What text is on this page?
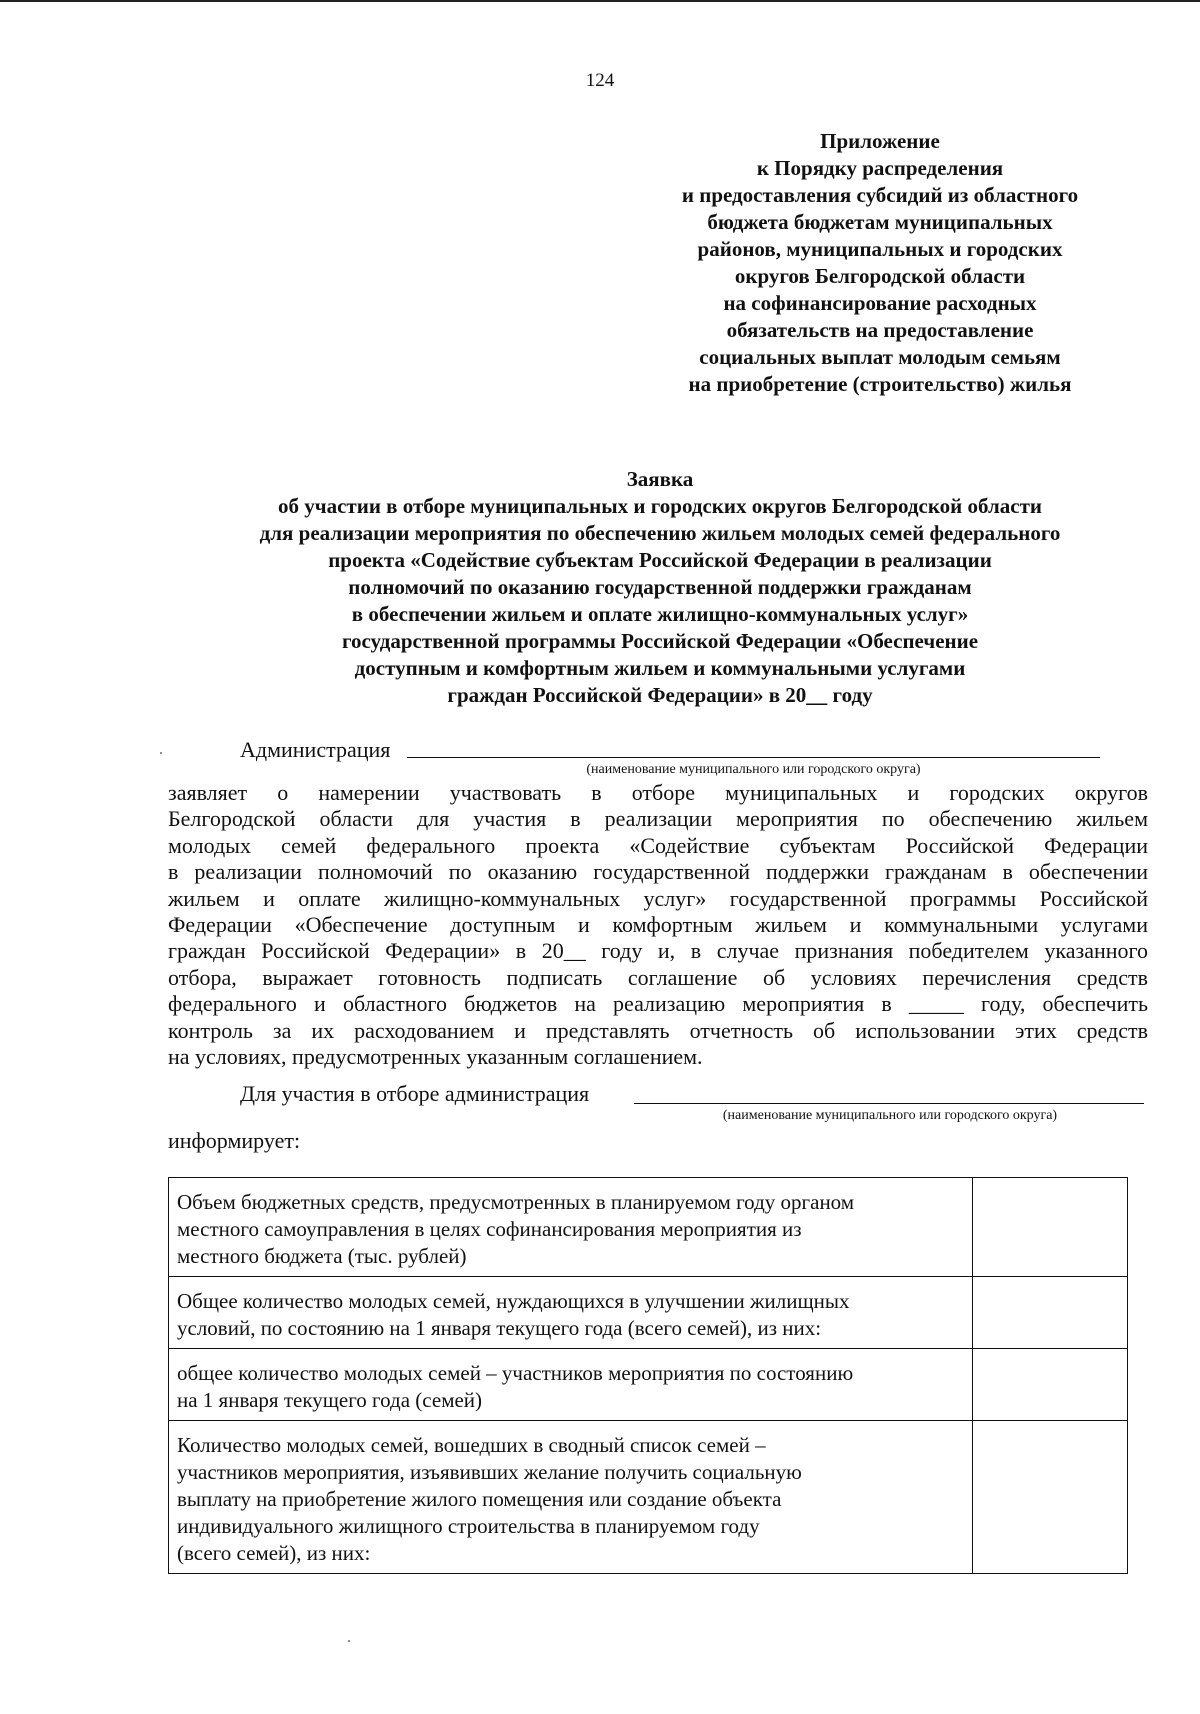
124
Приложение
к Порядку распределения
и предоставления субсидий из областного
бюджета бюджетам муниципальных
районов, муниципальных и городских
округов Белгородской области
на софинансирование расходных
обязательств на предоставление
социальных выплат молодым семьям
на приобретение (строительство) жилья
Заявка
об участии в отборе муниципальных и городских округов Белгородской области
для реализации мероприятия по обеспечению жильем молодых семей федерального
проекта «Содействие субъектам Российской Федерации в реализации
полномочий по оказанию государственной поддержки гражданам
в обеспечении жильем и оплате жилищно-коммунальных услуг»
государственной программы Российской Федерации «Обеспечение
доступным и комфортным жильем и коммунальными услугами
граждан Российской Федерации» в 20__ году
Администрация
(наименование муниципального или городского округа)
заявляет о намерении участвовать в отборе муниципальных и городских округов
Белгородской области для участия в реализации мероприятия по обеспечению жильем
молодых семей федерального проекта «Содействие субъектам Российской Федерации
в реализации полномочий по оказанию государственной поддержки гражданам в обеспечении
жильем и оплате жилищно-коммунальных услуг» государственной программы Российской
Федерации «Обеспечение доступным и комфортным жильем и коммунальными услугами
граждан Российской Федерации» в 20__ году и, в случае признания победителем указанного
отбора, выражает готовность подписать соглашение об условиях перечисления средств
федерального и областного бюджетов на реализацию мероприятия в _____ году, обеспечить
контроль за их расходованием и представлять отчетность об использовании этих средств
на условиях, предусмотренных указанным соглашением.
Для участия в отборе администрация
(наименование муниципального или городского округа)
информирует:
Объем бюджетных средств, предусмотренных в планируемом году органом
местного самоуправления в целях софинансирования мероприятия из
местного бюджета (тыс. рублей)	

Общее количество молодых семей, нуждающихся в улучшении жилищных
условий, по состоянию на 1 января текущего года (всего семей), из них:	

общее количество молодых семей – участников мероприятия по состоянию
на 1 января текущего года (семей)	

Количество молодых семей, вошедших в сводный список семей –
участников мероприятия, изъявивших желание получить социальную
выплату на приобретение жилого помещения или создание объекта
индивидуального жилищного строительства в планируемом году
(всего семей), из них:	
